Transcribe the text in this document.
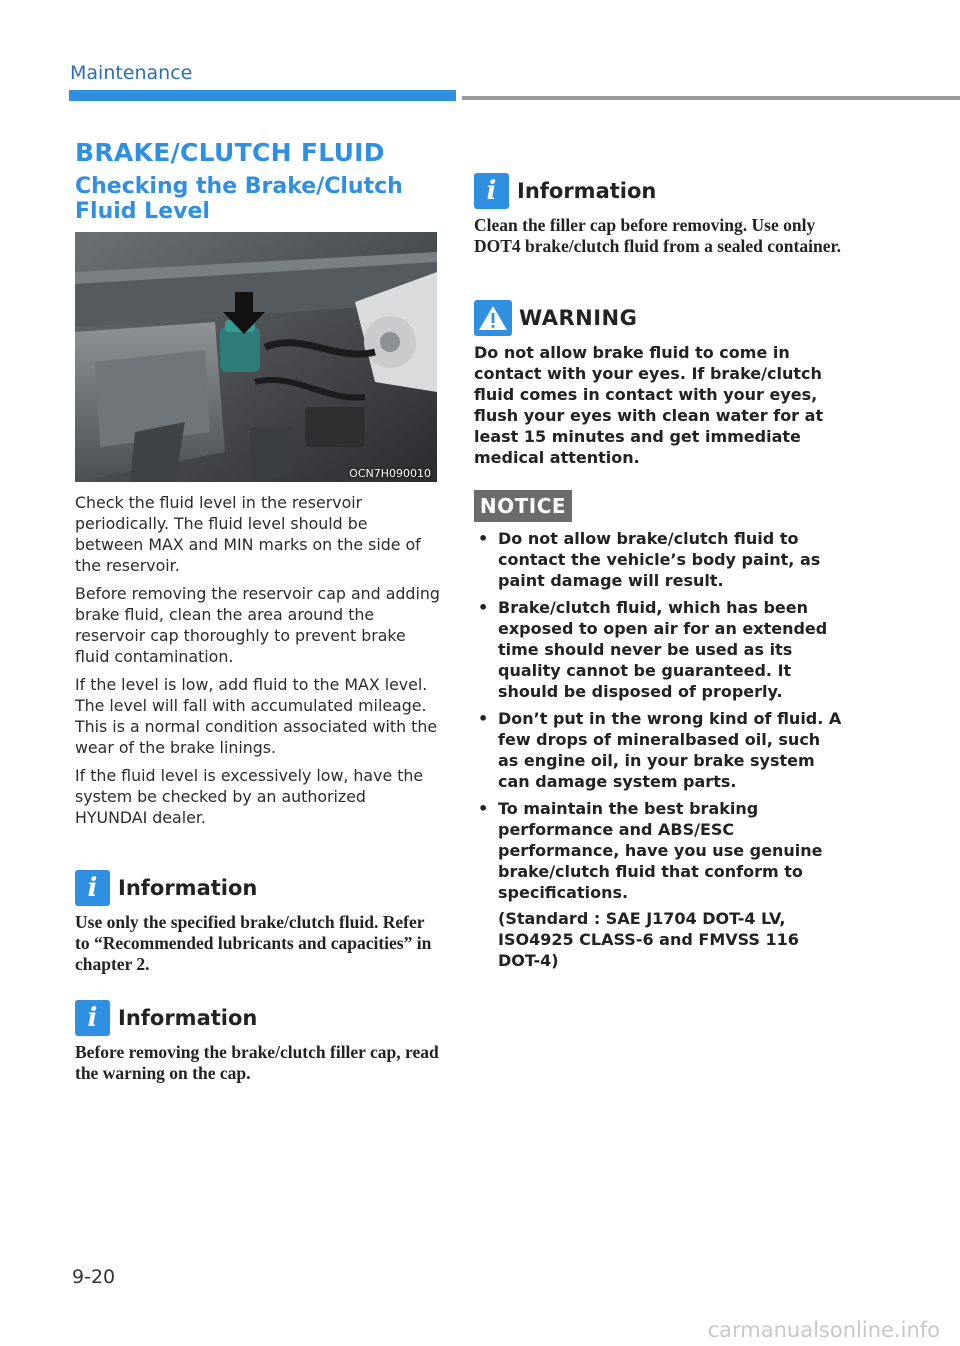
Maintenance
BRAKE/CLUTCH FLUID
Checking the Brake/Clutch Fluid Level
OCN7H090010

Check the fluid level in the reservoir periodically. The fluid level should be between MAX and MIN marks on the side of the reservoir.

Before removing the reservoir cap and adding brake fluid, clean the area around the reservoir cap thoroughly to prevent brake fluid contamination.

If the level is low, add fluid to the MAX level. The level will fall with accumulated mileage. This is a normal condition associated with the wear of the brake linings.

If the fluid level is excessively low, have the system be checked by an authorized HYUNDAI dealer.

i Information
Use only the specified brake/clutch fluid. Refer to “Recommended lubricants and capacities” in chapter 2.
i Information
Before removing the brake/clutch filler cap, read the warning on the cap.
i Information
Clean the filler cap before removing. Use only DOT4 brake/clutch fluid from a sealed container.
WARNING
Do not allow brake fluid to come in contact with your eyes. If brake/clutch fluid comes in contact with your eyes, flush your eyes with clean water for at least 15 minutes and get immediate medical attention.
NOTICE
• Do not allow brake/clutch fluid to contact the vehicle’s body paint, as paint damage will result.
• Brake/clutch fluid, which has been exposed to open air for an extended time should never be used as its quality cannot be guaranteed. It should be disposed of properly.
• Don’t put in the wrong kind of fluid. A few drops of mineralbased oil, such as engine oil, in your brake system can damage system parts.
• To maintain the best braking performance and ABS/ESC performance, have you use genuine brake/clutch fluid that conform to specifications.
(Standard : SAE J1704 DOT-4 LV, ISO4925 CLASS-6 and FMVSS 116 DOT-4)
9-20
carmanualsonline.info
